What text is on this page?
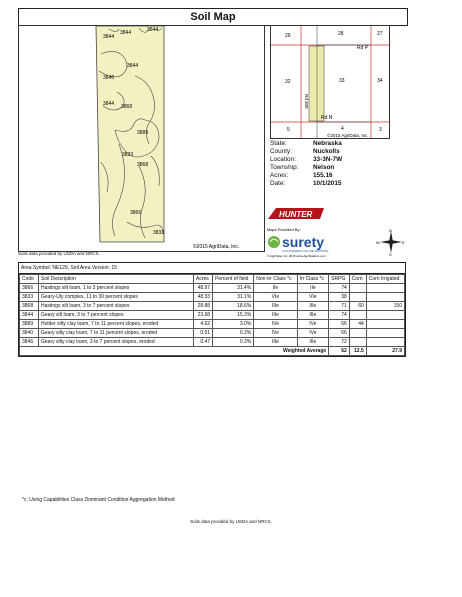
Soil Map
3844
3844	3844
3844
3840
3844 3868
3889
3833
3868
3866
3833
©2015 AgriData, Inc.
29	28	27
32	33	34
5	4	3
Rd P
Rd 300
Rd N
©2015 AgriData, Inc.
State:	Nebraska
County:	Nuckolls
Location:	33-3N-7W
Township:	Nelson
Acres:	155.16
Date:	10/1/2015
HUNTER
Maps Provided By:
surety
CUSTOMIZED ONLINE MAPPING
© AgriData, Inc. 2015 www.AgriDataInc.com
N
S
E
W
Soils data provided by USDA and NRCS.
Area Symbol: NE129, Soil Area Version: 15
Code	Soil Description	Acres	Percent of field	Non-Irr Class *c	Irr Class *c	SRPG	Corn	Corn Irrigated
3866	Hastings silt loam, 1 to 3 percent slopes	48.97	31.4%	IIe	IIe	74		
3833	Geary-Uly complex, 11 to 30 percent slopes	48.33	31.1%	VIe	VIe	38		
3868	Hastings silt loam, 3 to 7 percent slopes	28.88	18.6%	IIIe	IIIe	71	60	150
3844	Geary silt loam, 3 to 7 percent slopes	23.68	15.3%	IIIe	IIIe	74		
3889	Holder silty clay loam, 7 to 11 percent slopes, eroded	4.62	3.0%	IVe	IVe	66	44	
3840	Geary silty clay loam, 7 to 11 percent slopes, eroded	0.51	0.3%	IVe	IVe	66		
3846	Geary silty clay loam, 3 to 7 percent slopes, eroded	0.47	0.3%	IIIe	IIIe	72		
Weighted Average						62	12.5	27.9
*c: Using Capabilities Class Dominant Condition Aggregation Method
Soils data provided by USDA and NRCS.
